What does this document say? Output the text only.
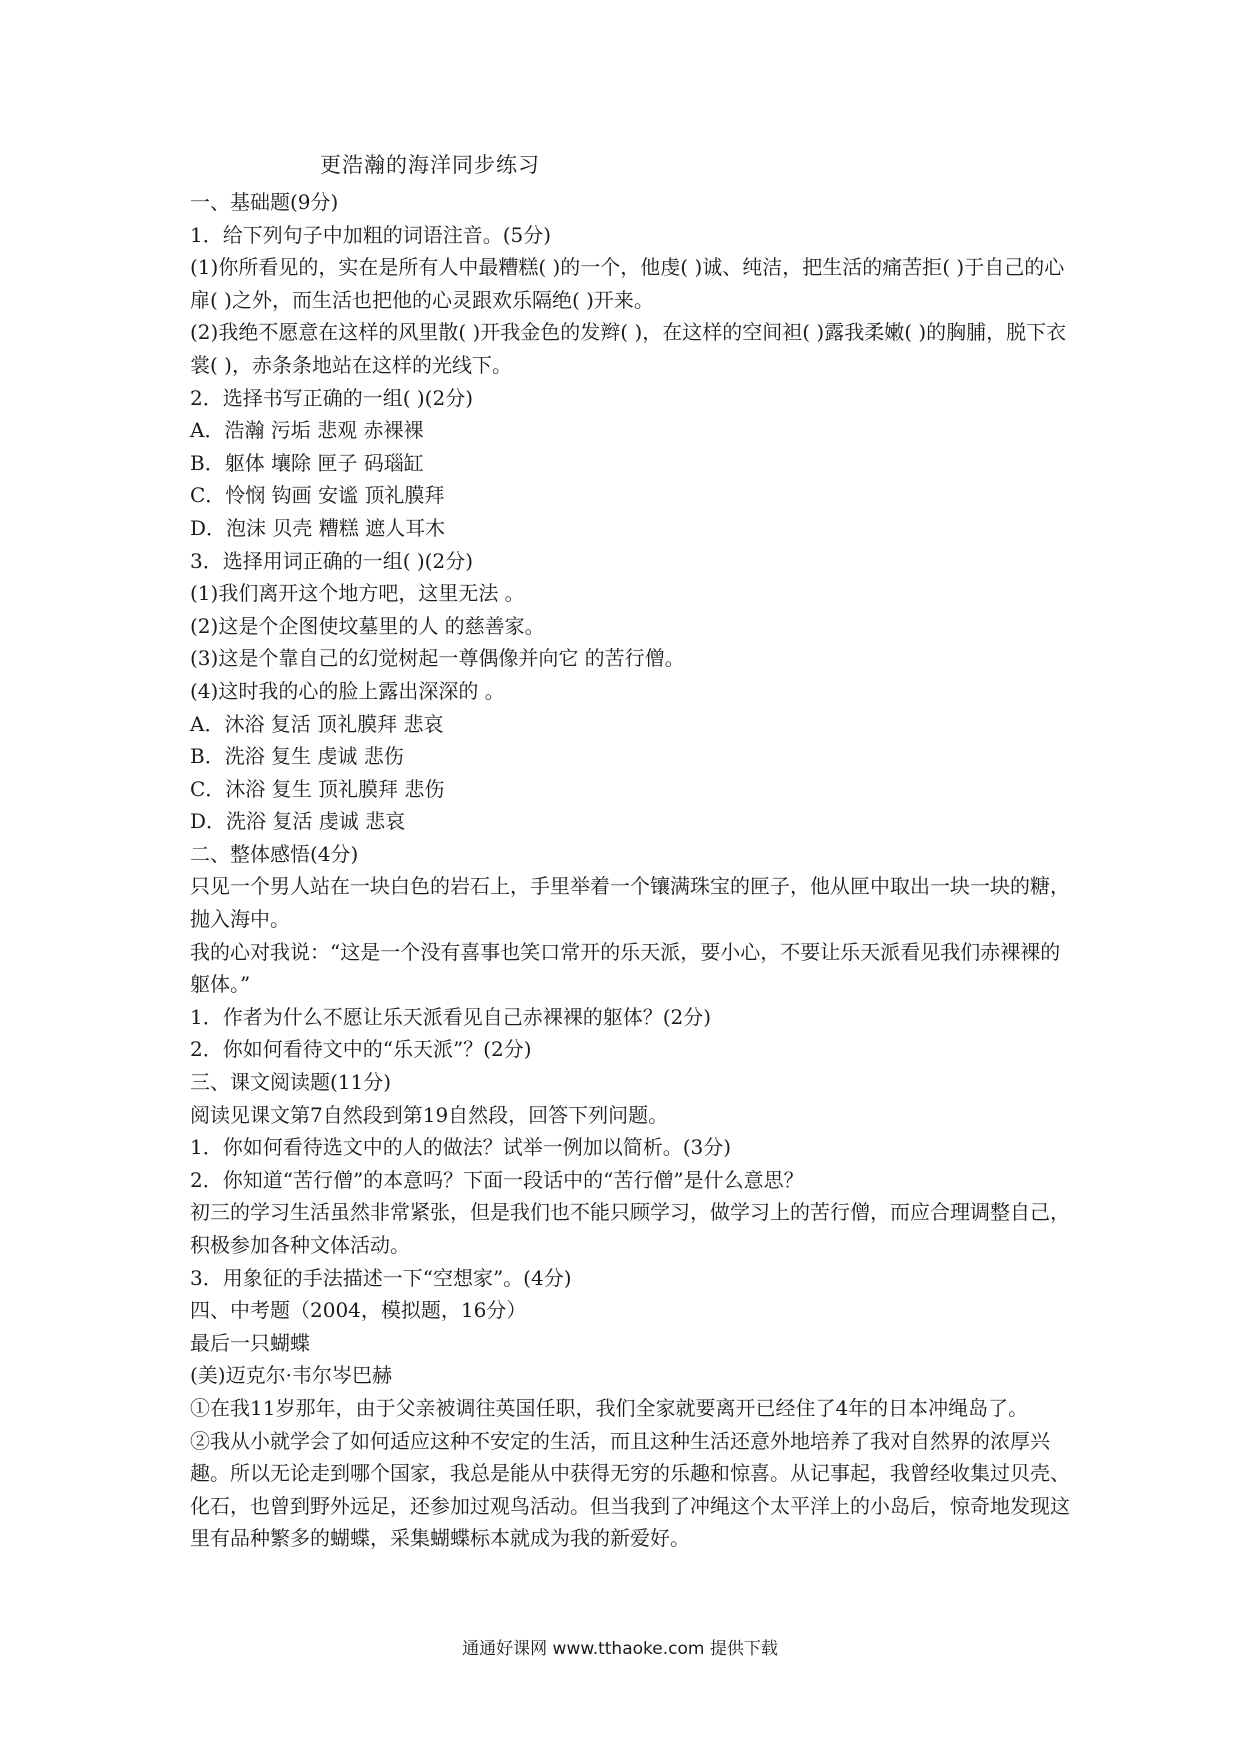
更浩瀚的海洋同步练习

一、基础题(9分)

1．给下列句子中加粗的词语注音。(5分)

(1)你所看见的，实在是所有人中最糟糕( )的一个，他虔( )诚、纯洁，把生活的痛苦拒( )于自己的心扉( )之外，而生活也把他的心灵跟欢乐隔绝( )开来。

(2)我绝不愿意在这样的风里散( )开我金色的发辫( )，在这样的空间袒( )露我柔嫩( )的胸脯，脱下衣裳( )，赤条条地站在这样的光线下。

2．选择书写正确的一组( )(2分)

A．浩瀚 污垢 悲观 赤裸裸

B．躯体 壤除 匣子 码瑙缸

C．怜悯 钩画 安谧 顶礼膜拜

D．泡沫 贝壳 糟糕 遮人耳木

3．选择用词正确的一组( )(2分)

(1)我们离开这个地方吧，这里无法 。

(2)这是个企图使坟墓里的人 的慈善家。

(3)这是个靠自己的幻觉树起一尊偶像并向它 的苦行僧。

(4)这时我的心的脸上露出深深的 。

A．沐浴 复活 顶礼膜拜 悲哀

B．洗浴 复生 虔诚 悲伤

C．沐浴 复生 顶礼膜拜 悲伤

D．洗浴 复活 虔诚 悲哀

二、整体感悟(4分)

只见一个男人站在一块白色的岩石上，手里举着一个镶满珠宝的匣子，他从匣中取出一块一块的糖，抛入海中。

我的心对我说：“这是一个没有喜事也笑口常开的乐天派，要小心，不要让乐天派看见我们赤裸裸的躯体。”

1．作者为什么不愿让乐天派看见自己赤裸裸的躯体？(2分)

2．你如何看待文中的“乐天派”？(2分)

三、课文阅读题(11分)

阅读见课文第7自然段到第19自然段，回答下列问题。

1．你如何看待选文中的人的做法？试举一例加以简析。(3分)

2．你知道“苦行僧”的本意吗？下面一段话中的“苦行僧”是什么意思？

初三的学习生活虽然非常紧张，但是我们也不能只顾学习，做学习上的苦行僧，而应合理调整自己，积极参加各种文体活动。

3．用象征的手法描述一下“空想家”。(4分)

四、中考题（2004，模拟题，16分）

最后一只蝴蝶

(美)迈克尔·韦尔岑巴赫

①在我11岁那年，由于父亲被调往英国任职，我们全家就要离开已经住了4年的日本冲绳岛了。

②我从小就学会了如何适应这种不安定的生活，而且这种生活还意外地培养了我对自然界的浓厚兴趣。所以无论走到哪个国家，我总是能从中获得无穷的乐趣和惊喜。从记事起，我曾经收集过贝壳、化石，也曾到野外远足，还参加过观鸟活动。但当我到了冲绳这个太平洋上的小岛后，惊奇地发现这里有品种繁多的蝴蝶，采集蝴蝶标本就成为我的新爱好。

通通好课网 www.tthaoke.com 提供下载
